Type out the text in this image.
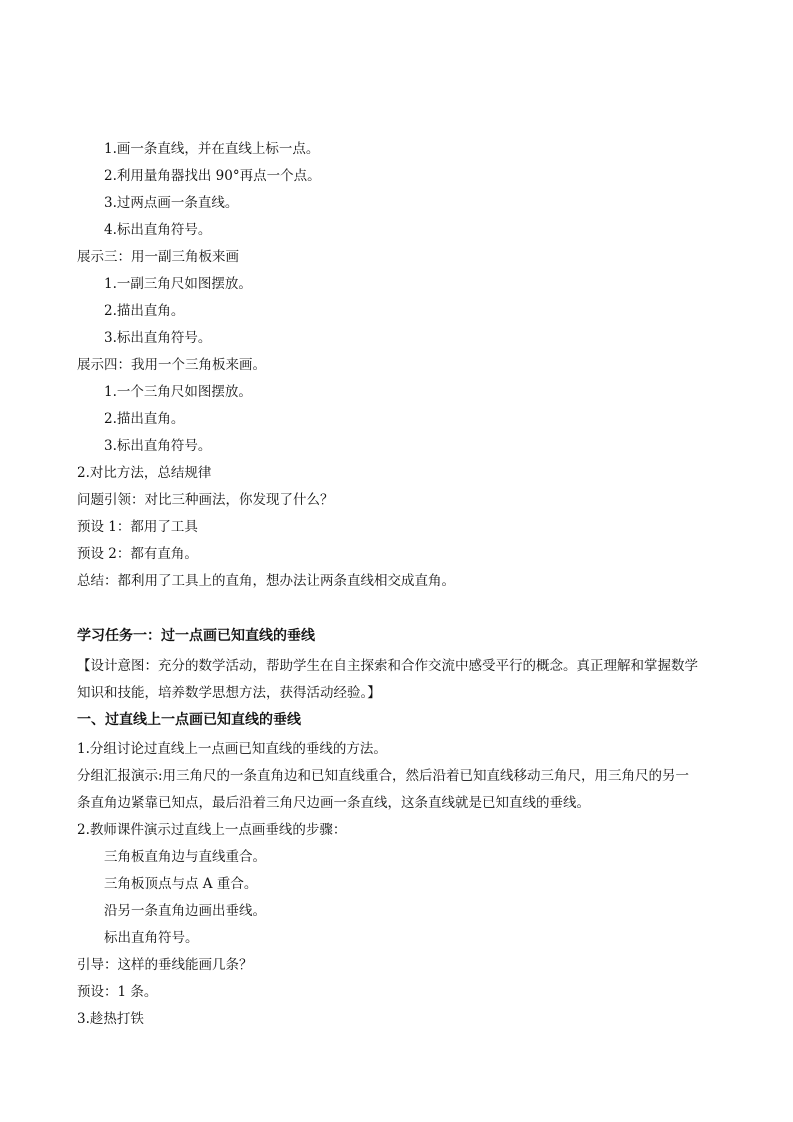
1.画一条直线，并在直线上标一点。
2.利用量角器找出 90°再点一个点。
3.过两点画一条直线。
4.标出直角符号。
展示三：用一副三角板来画
1.一副三角尺如图摆放。
2.描出直角。
3.标出直角符号。
展示四：我用一个三角板来画。
1.一个三角尺如图摆放。
2.描出直角。
3.标出直角符号。
2.对比方法，总结规律
问题引领：对比三种画法，你发现了什么？
预设 1：都用了工具
预设 2：都有直角。
总结：都利用了工具上的直角，想办法让两条直线相交成直角。
学习任务一：过一点画已知直线的垂线
【设计意图：充分的数学活动，帮助学生在自主探索和合作交流中感受平行的概念。真正理解和掌握数学
知识和技能，培养数学思想方法，获得活动经验。】
一、过直线上一点画已知直线的垂线
1.分组讨论过直线上一点画已知直线的垂线的方法。
分组汇报演示:用三角尺的一条直角边和已知直线重合，然后沿着已知直线移动三角尺，用三角尺的另一
条直角边紧靠已知点，最后沿着三角尺边画一条直线，这条直线就是已知直线的垂线。
2.教师课件演示过直线上一点画垂线的步骤：
三角板直角边与直线重合。
三角板顶点与点 A 重合。
沿另一条直角边画出垂线。
标出直角符号。
引导：这样的垂线能画几条？
预设：1 条。
3.趁热打铁
